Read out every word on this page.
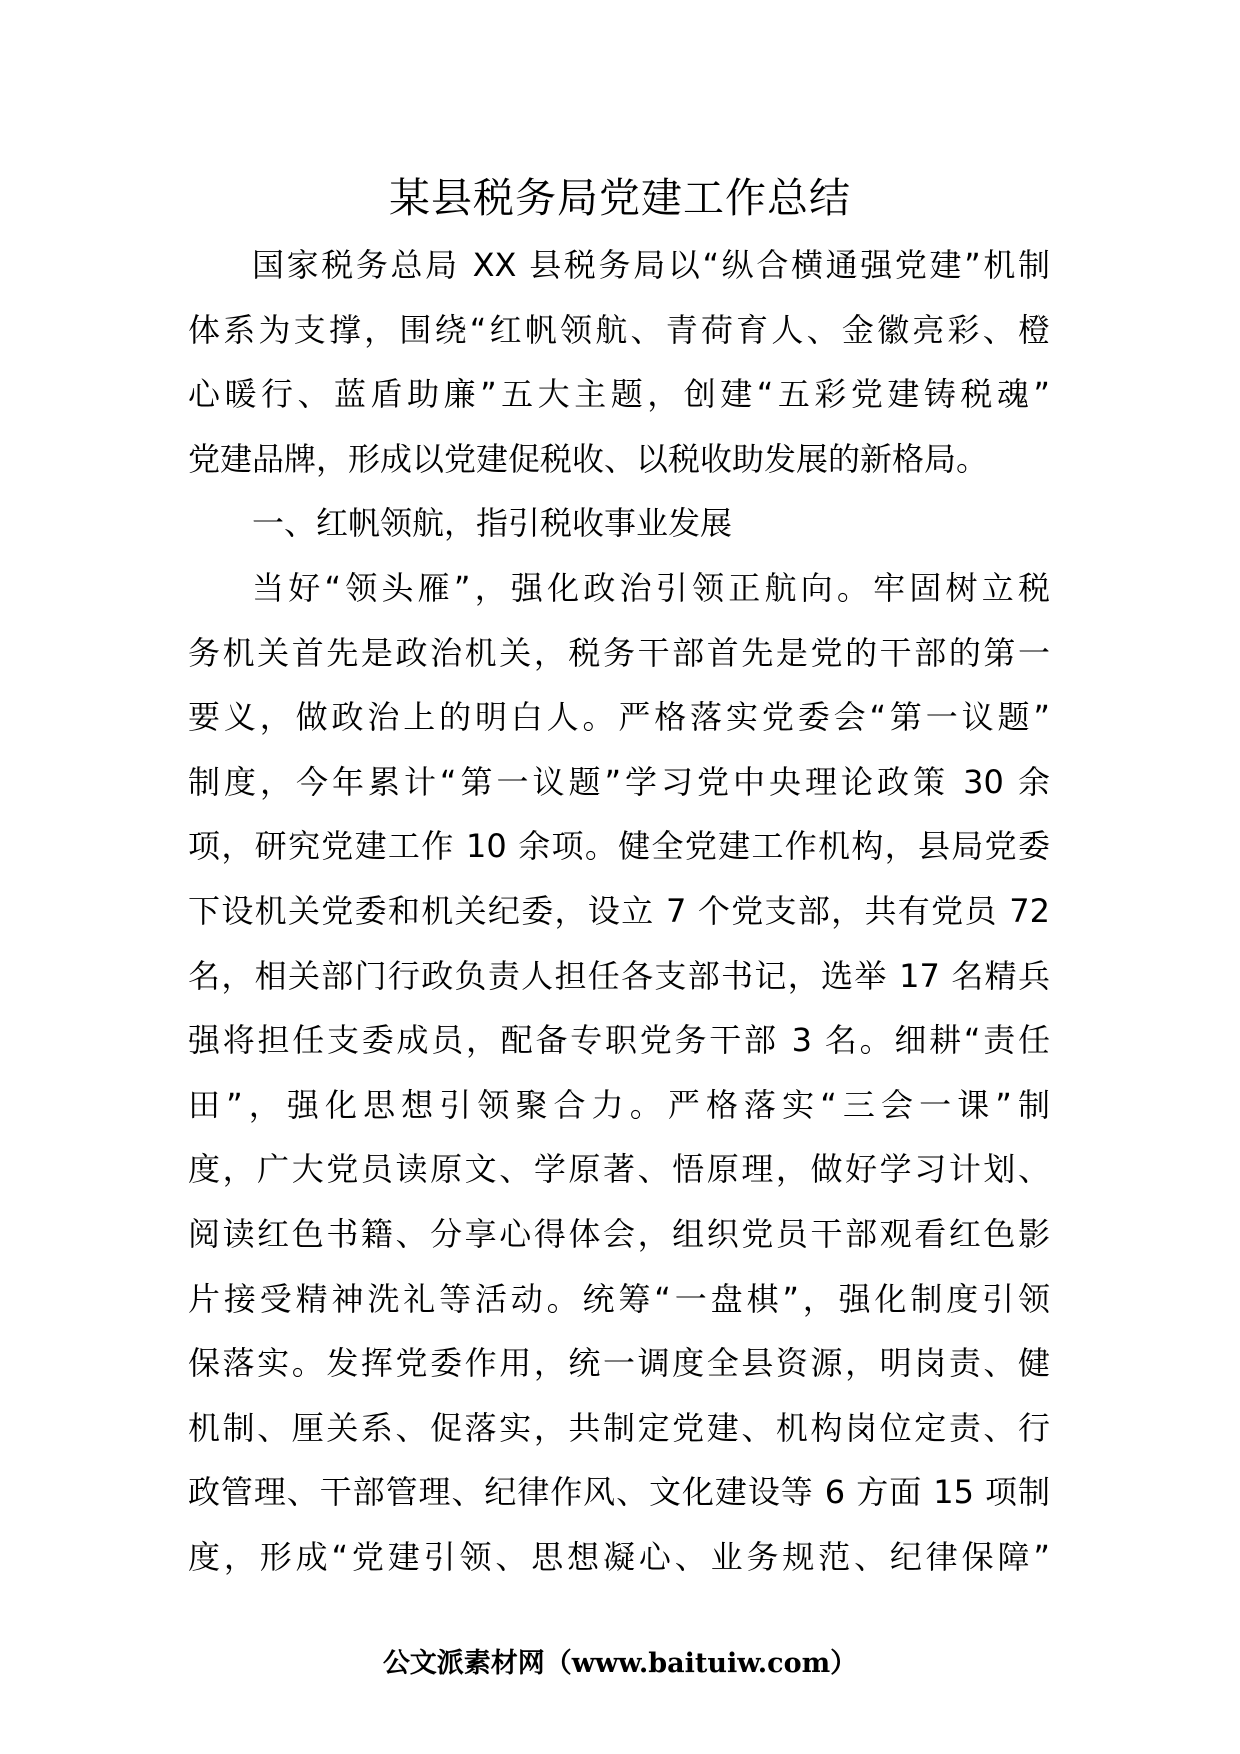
某县税务局党建工作总结
国家税务总局 XX 县税务局以“纵合横通强党建”机制
体系为支撑，围绕“红帆领航、青荷育人、金徽亮彩、橙
心暖行、蓝盾助廉”五大主题，创建“五彩党建铸税魂”
党建品牌，形成以党建促税收、以税收助发展的新格局。
一、红帆领航，指引税收事业发展
当好“领头雁”，强化政治引领正航向。牢固树立税
务机关首先是政治机关，税务干部首先是党的干部的第一
要义，做政治上的明白人。严格落实党委会“第一议题”
制度，今年累计“第一议题”学习党中央理论政策 30 余
项，研究党建工作 10 余项。健全党建工作机构，县局党委
下设机关党委和机关纪委，设立 7 个党支部，共有党员 72
名，相关部门行政负责人担任各支部书记，选举 17 名精兵
强将担任支委成员，配备专职党务干部 3 名。细耕“责任
田”，强化思想引领聚合力。严格落实“三会一课”制
度，广大党员读原文、学原著、悟原理，做好学习计划、
阅读红色书籍、分享心得体会，组织党员干部观看红色影
片接受精神洗礼等活动。统筹“一盘棋”，强化制度引领
保落实。发挥党委作用，统一调度全县资源，明岗责、健
机制、厘关系、促落实，共制定党建、机构岗位定责、行
政管理、干部管理、纪律作风、文化建设等 6 方面 15 项制
度，形成“党建引领、思想凝心、业务规范、纪律保障”
公文派素材网（www.baituiw.com）
